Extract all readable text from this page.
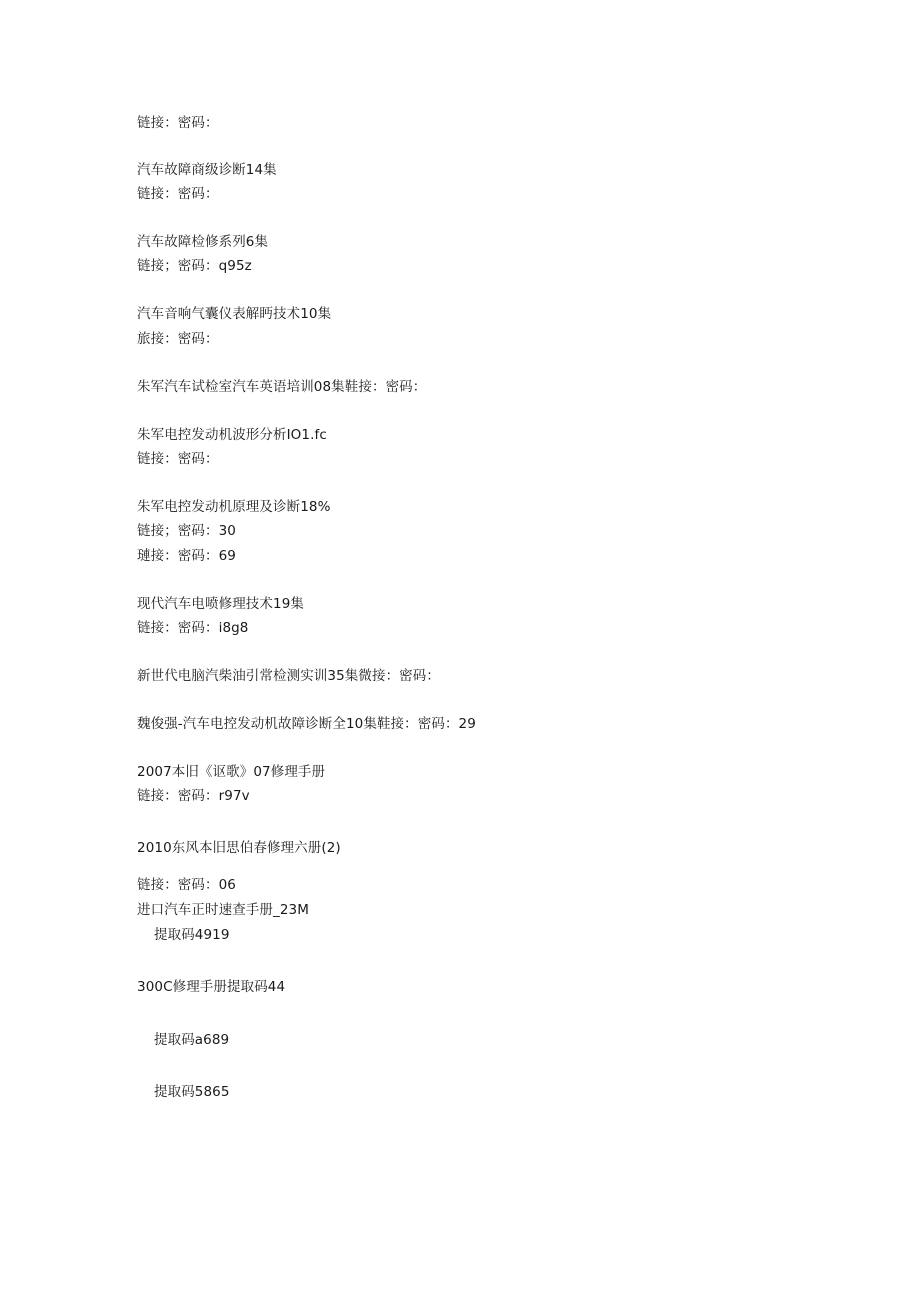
链接：密码：
汽车故障商级诊断14集
链接：密码：
汽车故障检修系列6集
链接；密码：q95z
汽车音响气囊仪表解眄技术10集
旅接：密码：
朱军汽车试检室汽车英语培训08集鞋接：密码：
朱军电控发动机波形分析IO1.fc
链接：密码：
朱军电控发动机原理及诊断18%
链接；密码：30
璉接：密码：69
现代汽车电喷修理技术19集
链接：密码：i8g8
新世代电脑汽柴油引常检测实训35集微接：密码：
魏俊强-汽车电控发动机故障诊断全10集鞋接：密码：29
2007本旧《讴歌》07修理手册
链接：密码：r97v
2010东风本旧思伯春修理六册(2)
链接：密码：06
进口汽车正时速查手册_23M
提取码4919
300C修理手册提取码44
提取码a689
提取码5865
